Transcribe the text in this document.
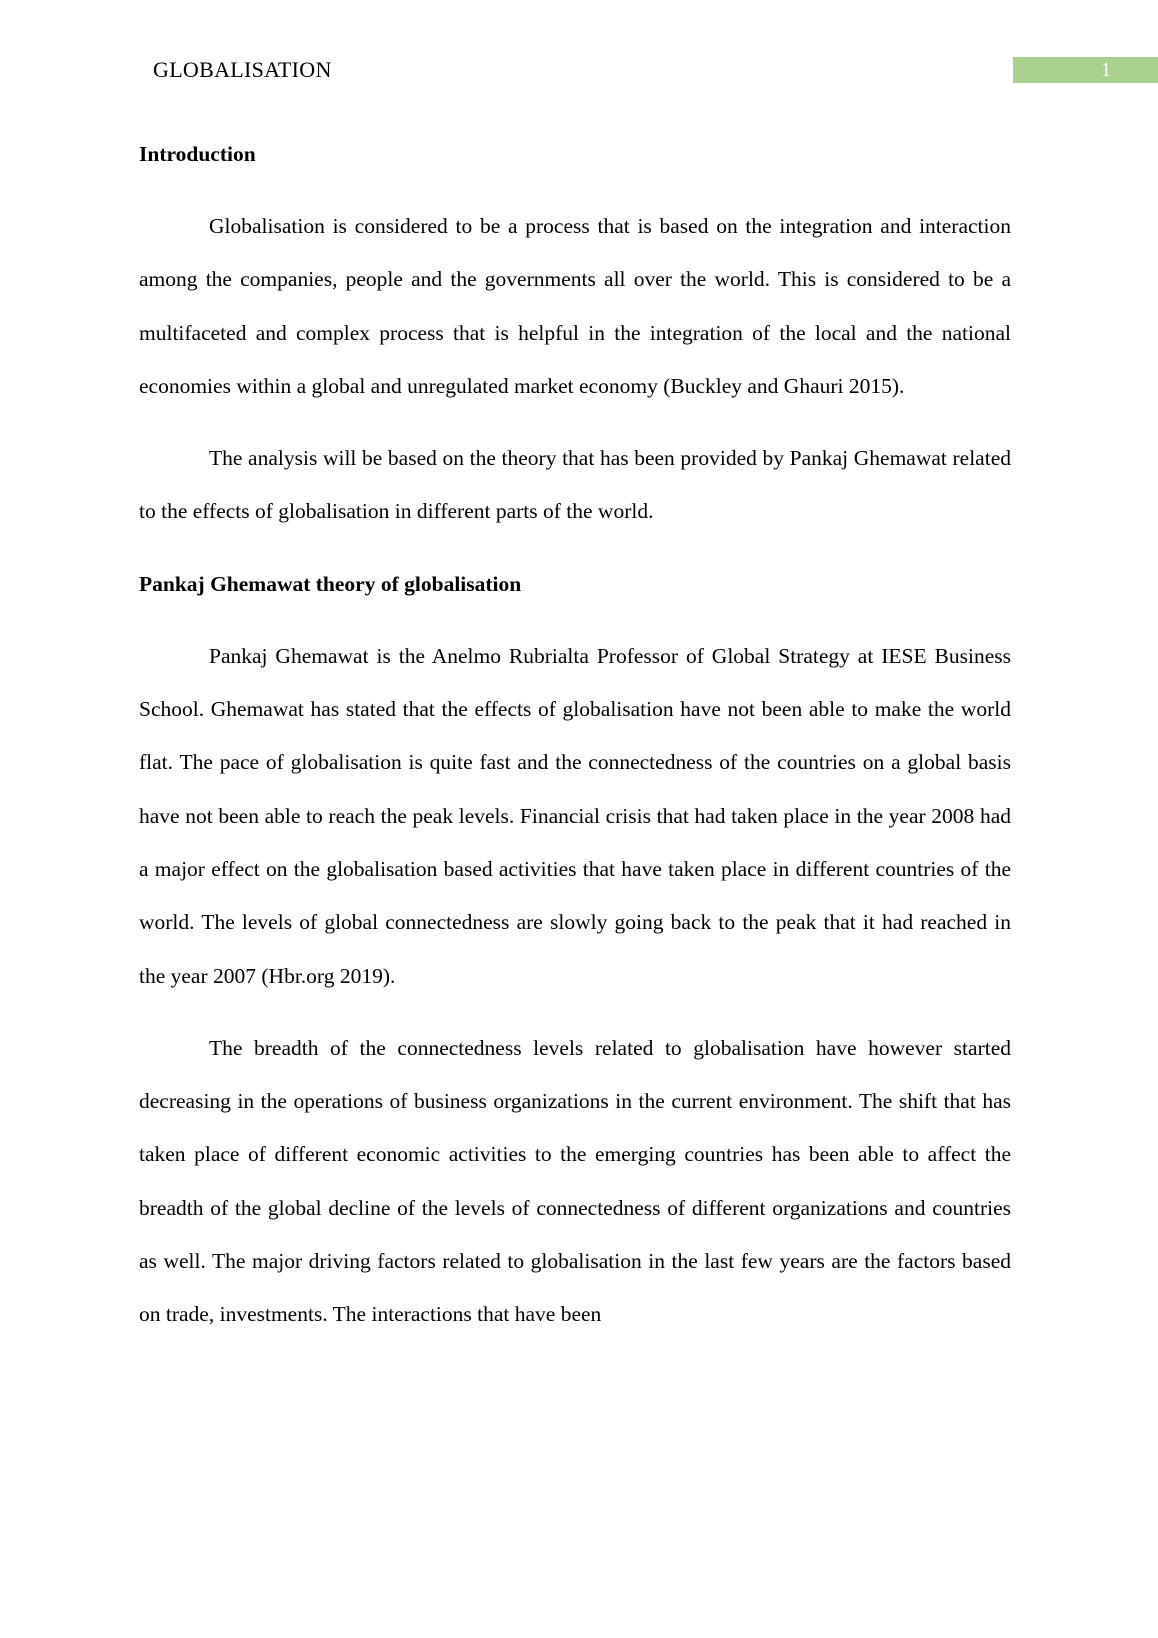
GLOBALISATION	1
Introduction

Globalisation is considered to be a process that is based on the integration and interaction among the companies, people and the governments all over the world. This is considered to be a multifaceted and complex process that is helpful in the integration of the local and the national economies within a global and unregulated market economy (Buckley and Ghauri 2015).

The analysis will be based on the theory that has been provided by Pankaj Ghemawat related to the effects of globalisation in different parts of the world.

Pankaj Ghemawat theory of globalisation

Pankaj Ghemawat is the Anelmo Rubrialta Professor of Global Strategy at IESE Business School. Ghemawat has stated that the effects of globalisation have not been able to make the world flat. The pace of globalisation is quite fast and the connectedness of the countries on a global basis have not been able to reach the peak levels. Financial crisis that had taken place in the year 2008 had a major effect on the globalisation based activities that have taken place in different countries of the world. The levels of global connectedness are slowly going back to the peak that it had reached in the year 2007 (Hbr.org 2019).

The breadth of the connectedness levels related to globalisation have however started decreasing in the operations of business organizations in the current environment. The shift that has taken place of different economic activities to the emerging countries has been able to affect the breadth of the global decline of the levels of connectedness of different organizations and countries as well. The major driving factors related to globalisation in the last few years are the factors based on trade, investments. The interactions that have been
